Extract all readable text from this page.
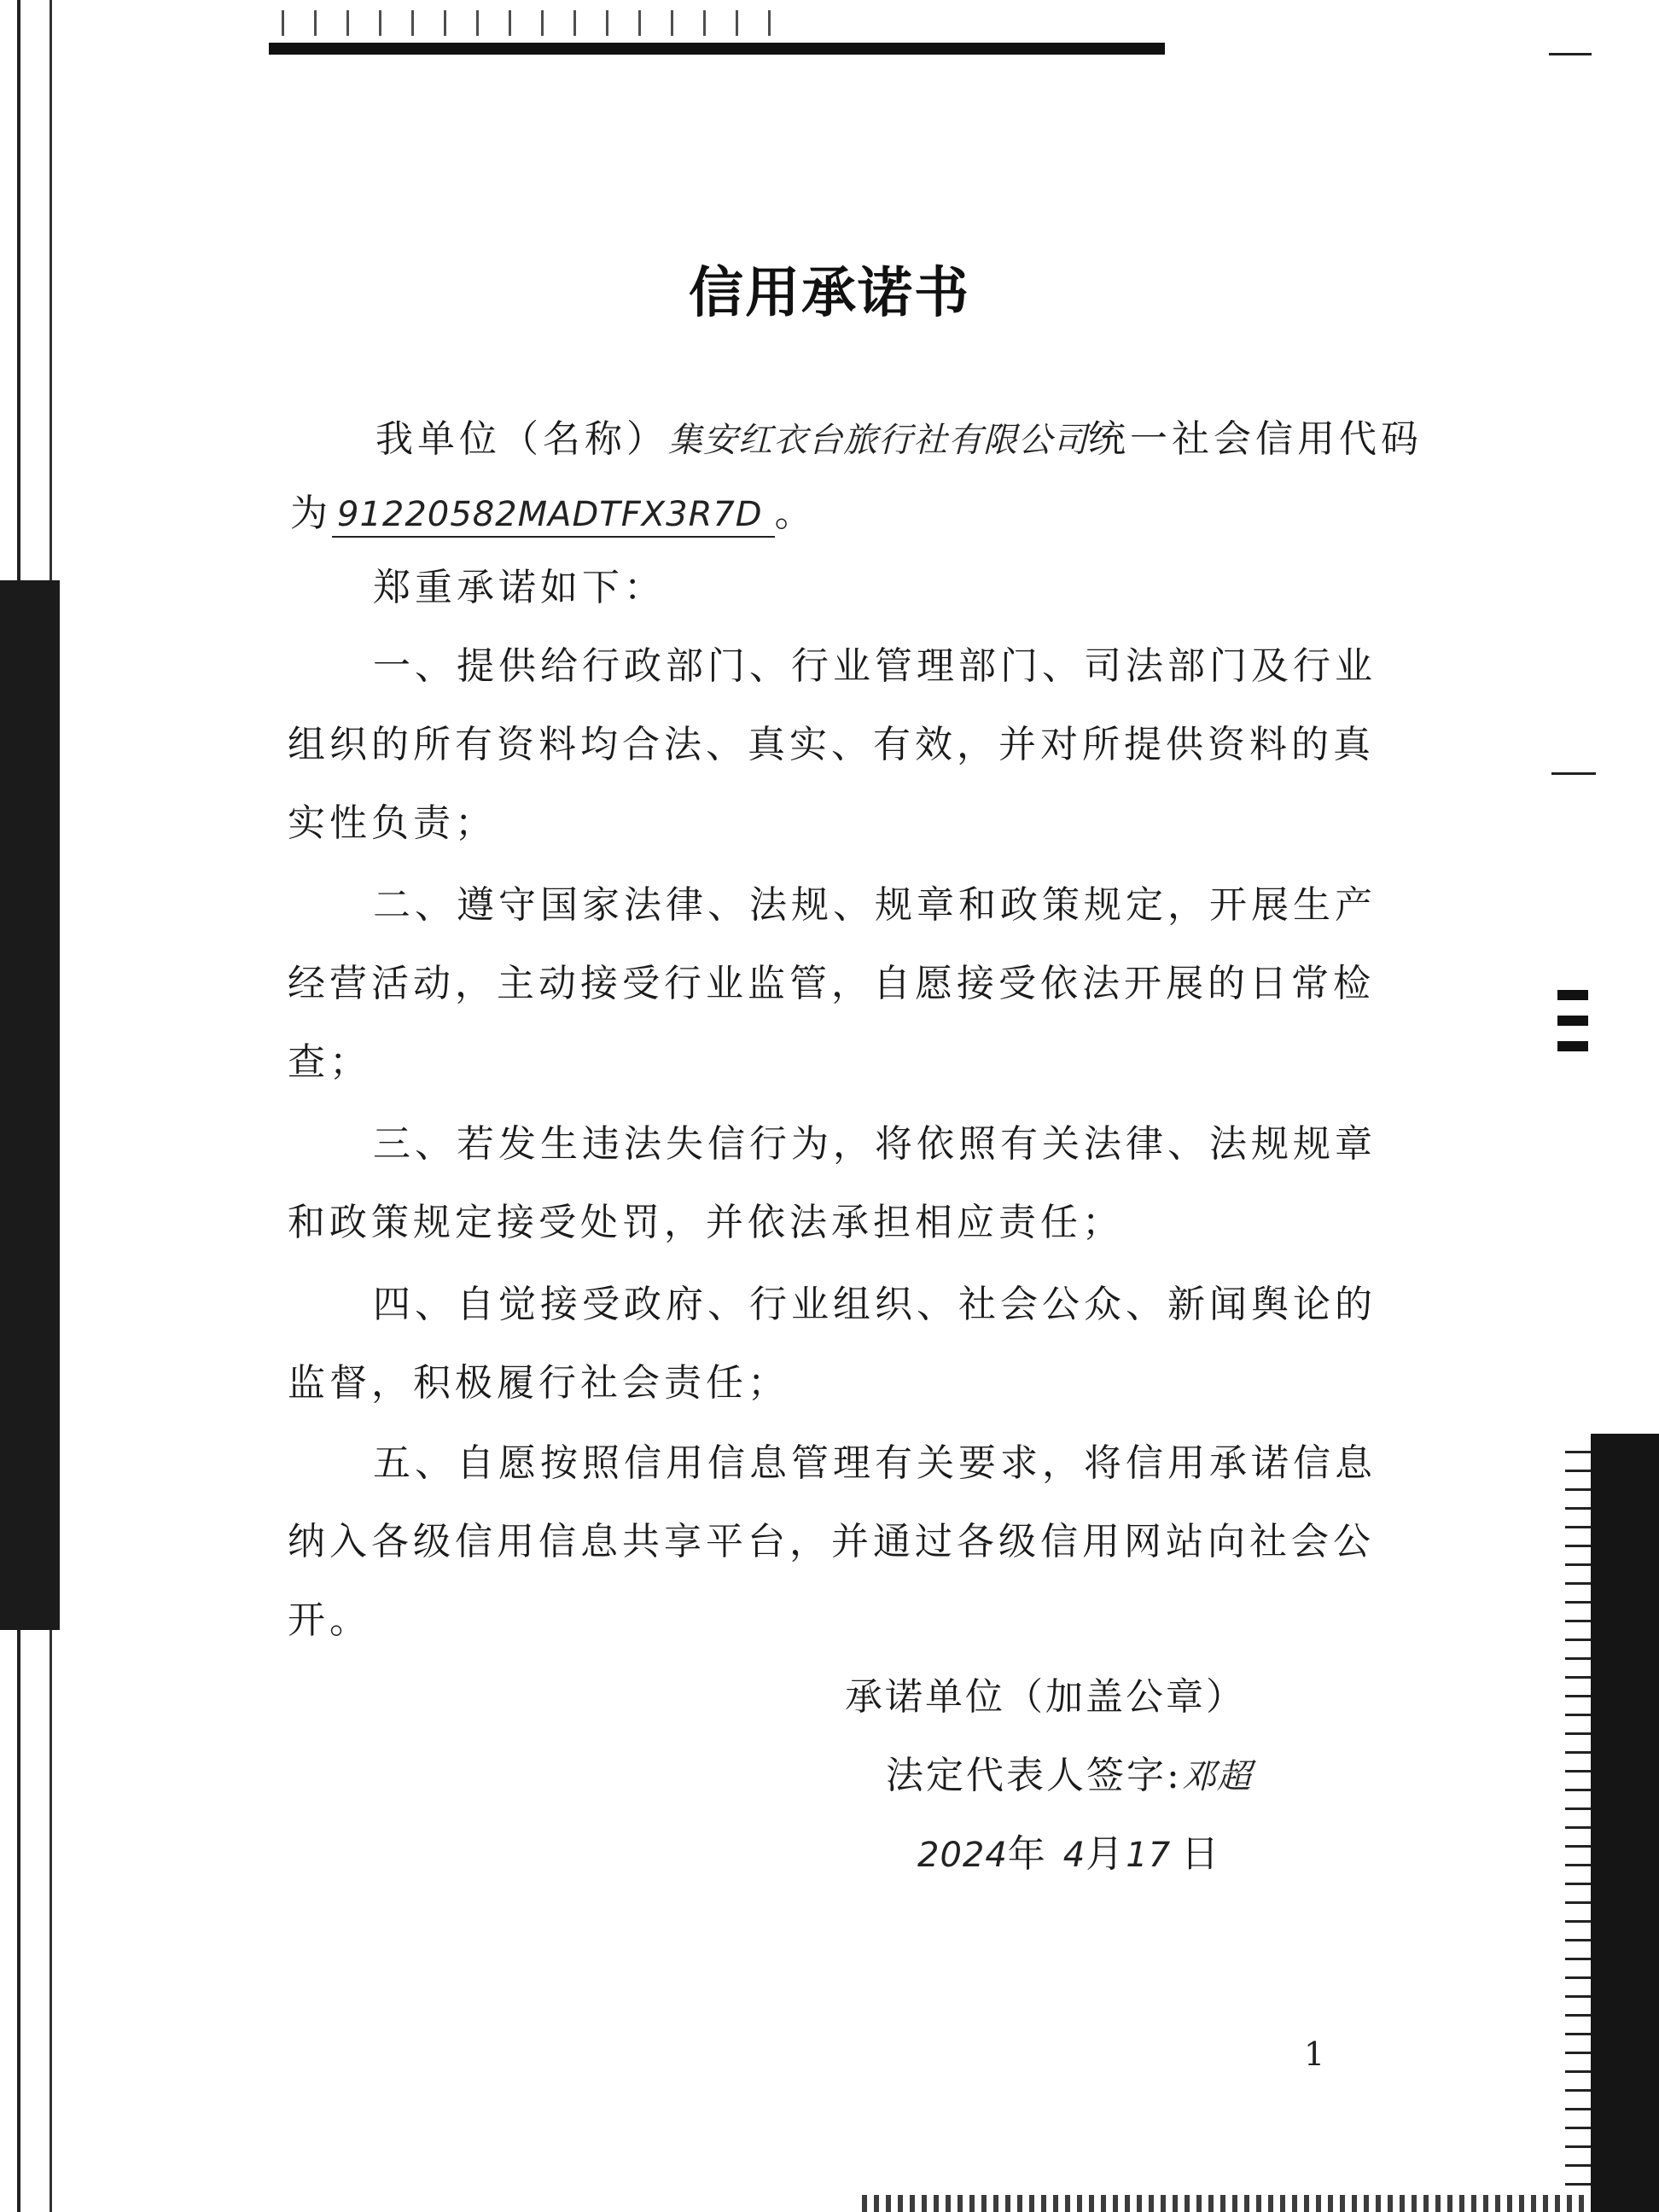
信用承诺书
我单位（名称）集安红衣台旅行社有限公司统一社会信用代码
为 91220582MADTFX3R7D 。
郑重承诺如下：
一、提供给行政部门、行业管理部门、司法部门及行业
组织的所有资料均合法、真实、有效，并对所提供资料的真
实性负责；
二、遵守国家法律、法规、规章和政策规定，开展生产
经营活动，主动接受行业监管，自愿接受依法开展的日常检
查；
三、若发生违法失信行为，将依照有关法律、法规规章
和政策规定接受处罚，并依法承担相应责任；
四、自觉接受政府、行业组织、社会公众、新闻舆论的
监督，积极履行社会责任；
五、自愿按照信用信息管理有关要求，将信用承诺信息
纳入各级信用信息共享平台，并通过各级信用网站向社会公
开。
承诺单位（加盖公章）
法定代表人签字:邓超
2024年 4月17 日
1
